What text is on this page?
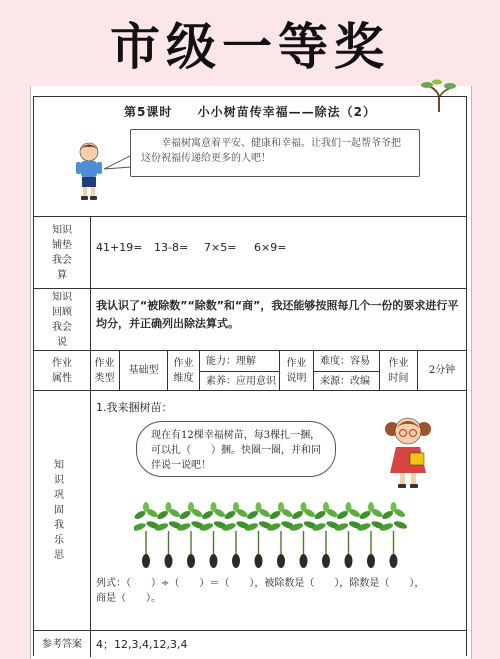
市级一等奖
第5课时 小小树苗传幸福——除法（2）

幸福树寓意着平安、健康和幸福。让我们一起帮爷爷把这份祝福传递给更多的人吧！

知识铺垫我会算
41+19= 13-8= 7×5= 6×9=
知识回顾我会说
我认识了“被除数”“除数”和“商”，我还能够按照每几个一份的要求进行平均分，并正确列出除法算式。
作业属性
作业类型
基础型
作业维度
能力：理解
素养：应用意识
作业说明
难度：容易
来源：改编
作业时间
2分钟
知识巩固我乐思
1.我来捆树苗：
现在有12棵幸福树苗，每3棵扎一捆，可以扎（　　）捆。快圈一圈，并和同伴说一说吧！
列式：（　　）÷（　　）＝（　　），被除数是（　　），除数是（　　），
商是（　　）。
参考答案 4；12,3,4,12,3,4
